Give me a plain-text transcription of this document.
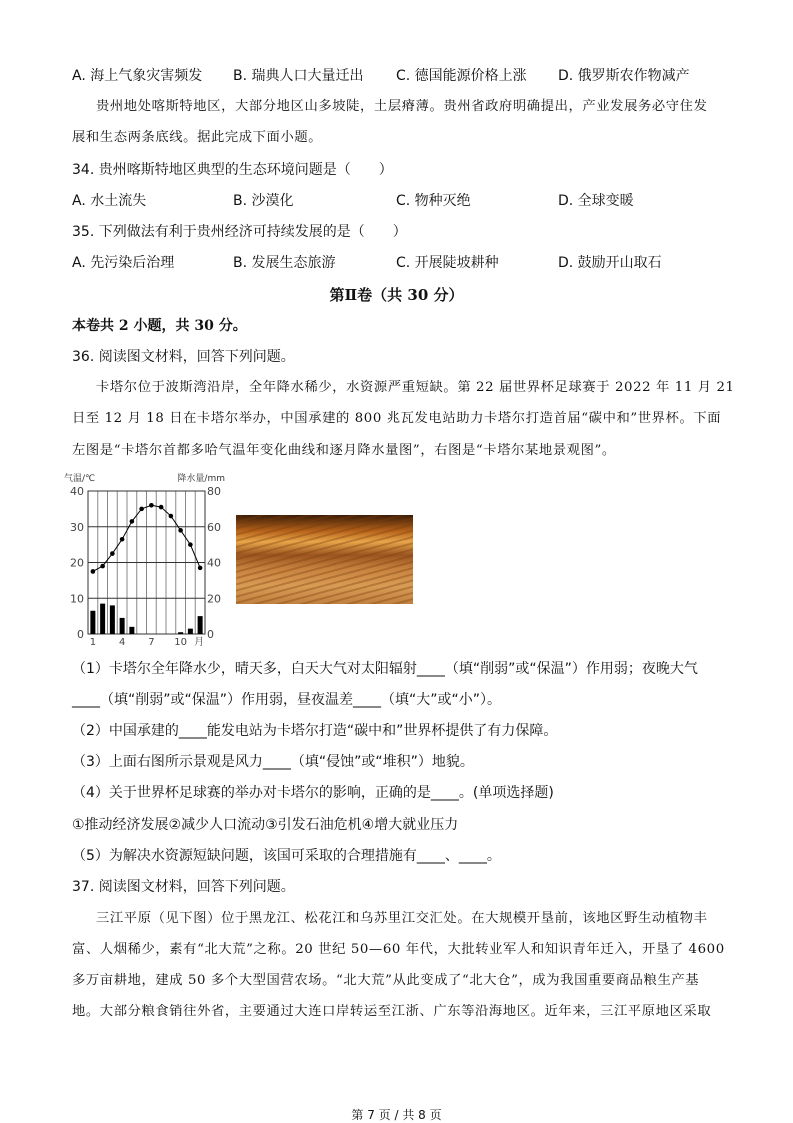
A. 海上气象灾害频发 B. 瑞典人口大量迁出 C. 德国能源价格上涨 D. 俄罗斯农作物减产
贵州地处喀斯特地区，大部分地区山多坡陡，土层瘠薄。贵州省政府明确提出，产业发展务必守住发
展和生态两条底线。据此完成下面小题。
34. 贵州喀斯特地区典型的生态环境问题是（　　）
A. 水土流失	B. 沙漠化	C. 物种灭绝	D. 全球变暖
35. 下列做法有利于贵州经济可持续发展的是（　　）
A. 先污染后治理	B. 发展生态旅游	C. 开展陡坡耕种	D. 鼓励开山取石
第Ⅱ卷（共 30 分）
本卷共 2 小题，共 30 分。
36. 阅读图文材料，回答下列问题。
卡塔尔位于波斯湾沿岸，全年降水稀少，水资源严重短缺。第 22 届世界杯足球赛于 2022 年 11 月 21
日至 12 月 18 日在卡塔尔举办，中国承建的 800 兆瓦发电站助力卡塔尔打造首届“碳中和”世界杯。下面
左图是“卡塔尔首都多哈气温年变化曲线和逐月降水量图”，右图是“卡塔尔某地景观图”。
0
10
20
30
40
0
20
40
60
80
气温/℃	降水量/mm
1 4 7 10 月
（1）卡塔尔全年降水少，晴天多，白天大气对太阳辐射____（填“削弱”或“保温”）作用弱；夜晚大气
____（填“削弱”或“保温”）作用弱，昼夜温差____（填“大”或“小”）。
（2）中国承建的____能发电站为卡塔尔打造“碳中和”世界杯提供了有力保障。
（3）上面右图所示景观是风力____（填“侵蚀”或“堆积”）地貌。
（4）关于世界杯足球赛的举办对卡塔尔的影响，正确的是____。(单项选择题)
①推动经济发展②减少人口流动③引发石油危机④增大就业压力
（5）为解决水资源短缺问题，该国可采取的合理措施有____、____。
37. 阅读图文材料，回答下列问题。
三江平原（见下图）位于黑龙江、松花江和乌苏里江交汇处。在大规模开垦前，该地区野生动植物丰
富、人烟稀少，素有“北大荒”之称。20 世纪 50—60 年代，大批转业军人和知识青年迁入，开垦了 4600
多万亩耕地，建成 50 多个大型国营农场。“北大荒”从此变成了“北大仓”，成为我国重要商品粮生产基
地。大部分粮食销往外省，主要通过大连口岸转运至江浙、广东等沿海地区。近年来，三江平原地区采取
第 7 页 / 共 8 页
